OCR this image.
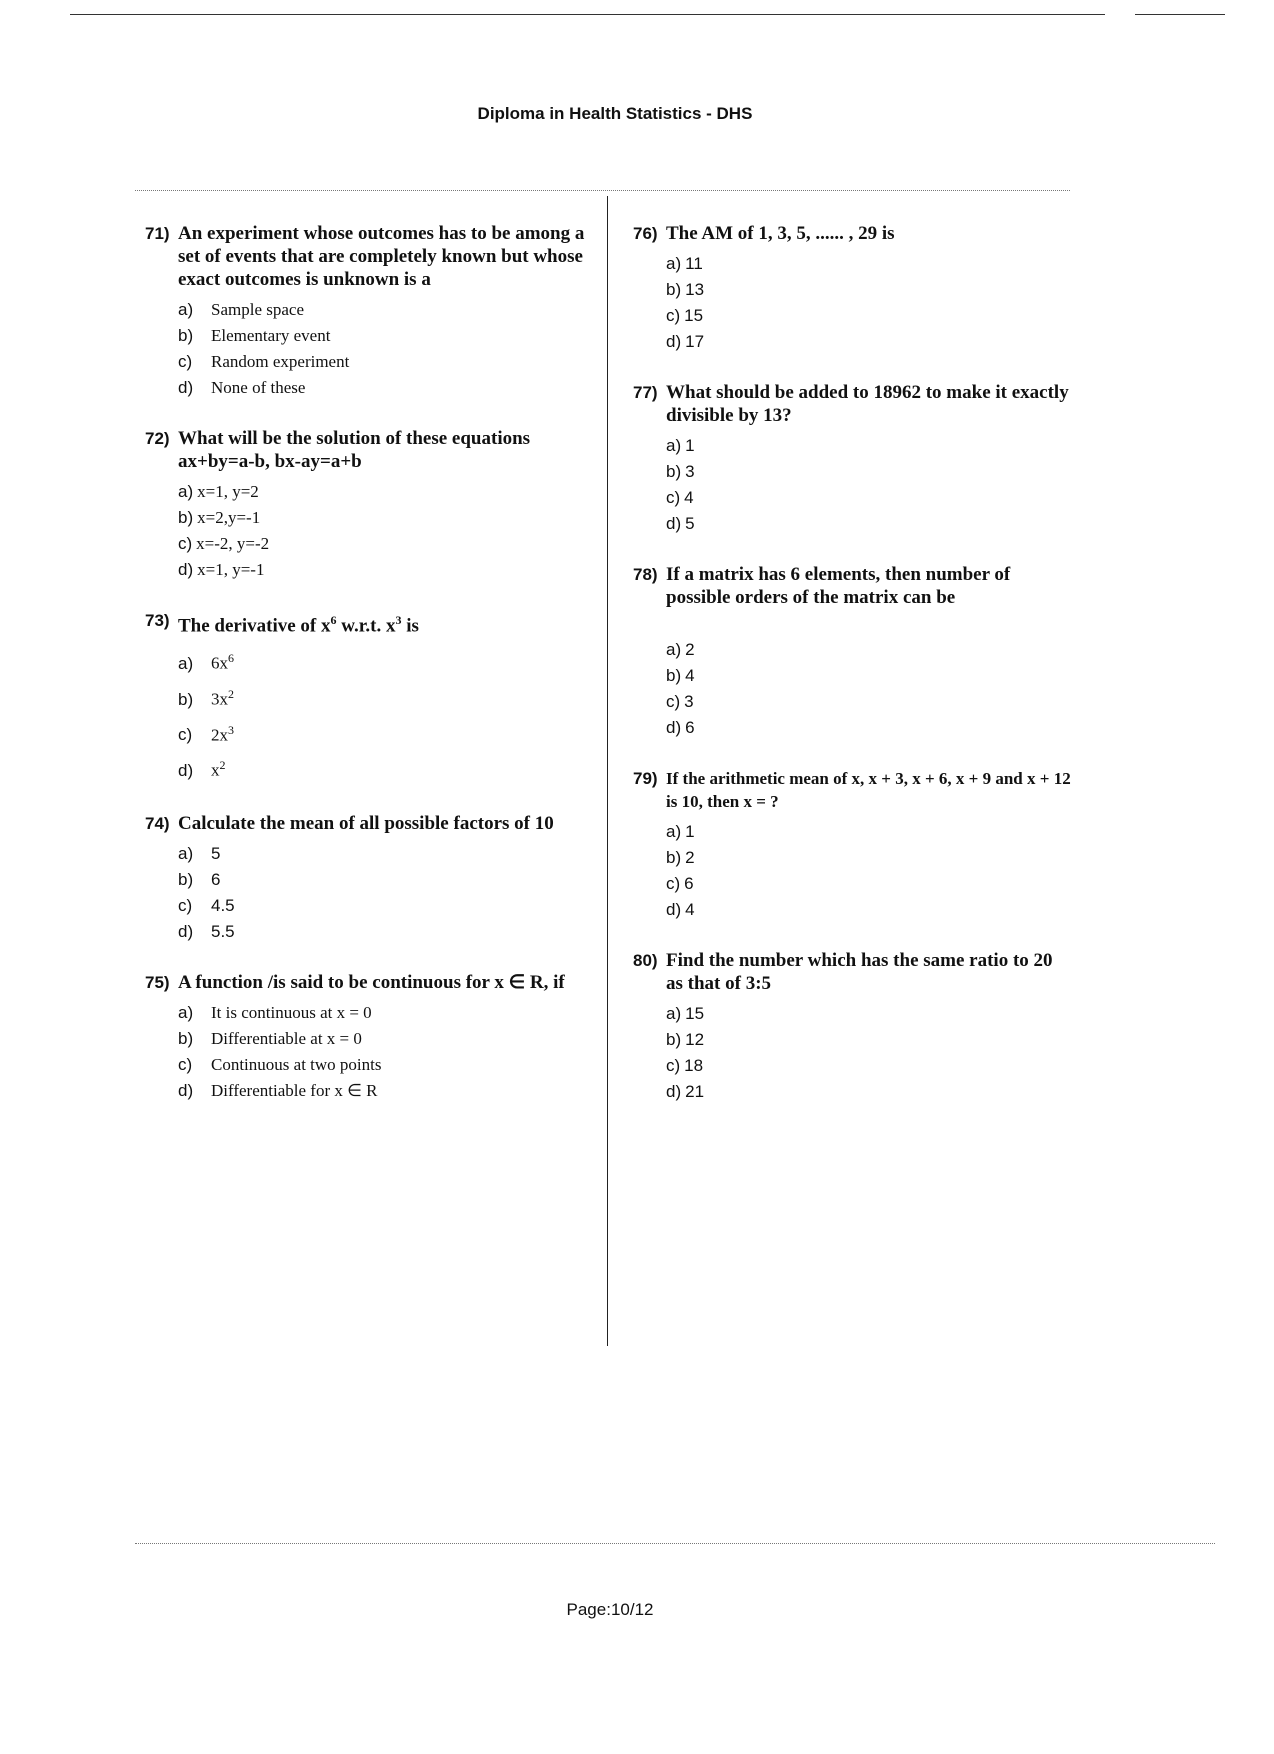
Diploma in Health Statistics - DHS
71) An experiment whose outcomes has to be among a set of events that are completely known but whose exact outcomes is unknown is a
a)	Sample space
b)	Elementary event
c)	Random experiment
d)	None of these
72) What will be the solution of these equations ax+by=a-b, bx-ay=a+b
a) x=1, y=2
b) x=2,y=-1
c) x=-2, y=-2
d) x=1, y=-1
73) The derivative of $x^6$ w.r.t. $x^3$ is
a)	$6x^6$
b)	$3x^2$
c)	$2x^3$
d)	$x^2$
74) Calculate the mean of all possible factors of 10
a)	5
b)	6
c)	4.5
d)	5.5
75) A function /is said to be continuous for x ∈ R, if
a)	It is continuous at x = 0
b)	Differentiable at x = 0
c)	Continuous at two points
d)	Differentiable for x ∈ R
76) The AM of 1, 3, 5, ...... , 29 is
a) 11
b) 13
c) 15
d) 17
77) What should be added to 18962 to make it exactly divisible by 13?
a) 1
b) 3
c) 4
d) 5
78) If a matrix has 6 elements, then number of possible orders of the matrix can be
a) 2
b) 4
c) 3
d) 6
79) If the arithmetic mean of x, x + 3, x + 6, x + 9 and x + 12 is 10, then x = ?
a) 1
b) 2
c) 6
d) 4
80) Find the number which has the same ratio to 20 as that of 3:5
a) 15
b) 12
c) 18
d) 21
Page:10/12
